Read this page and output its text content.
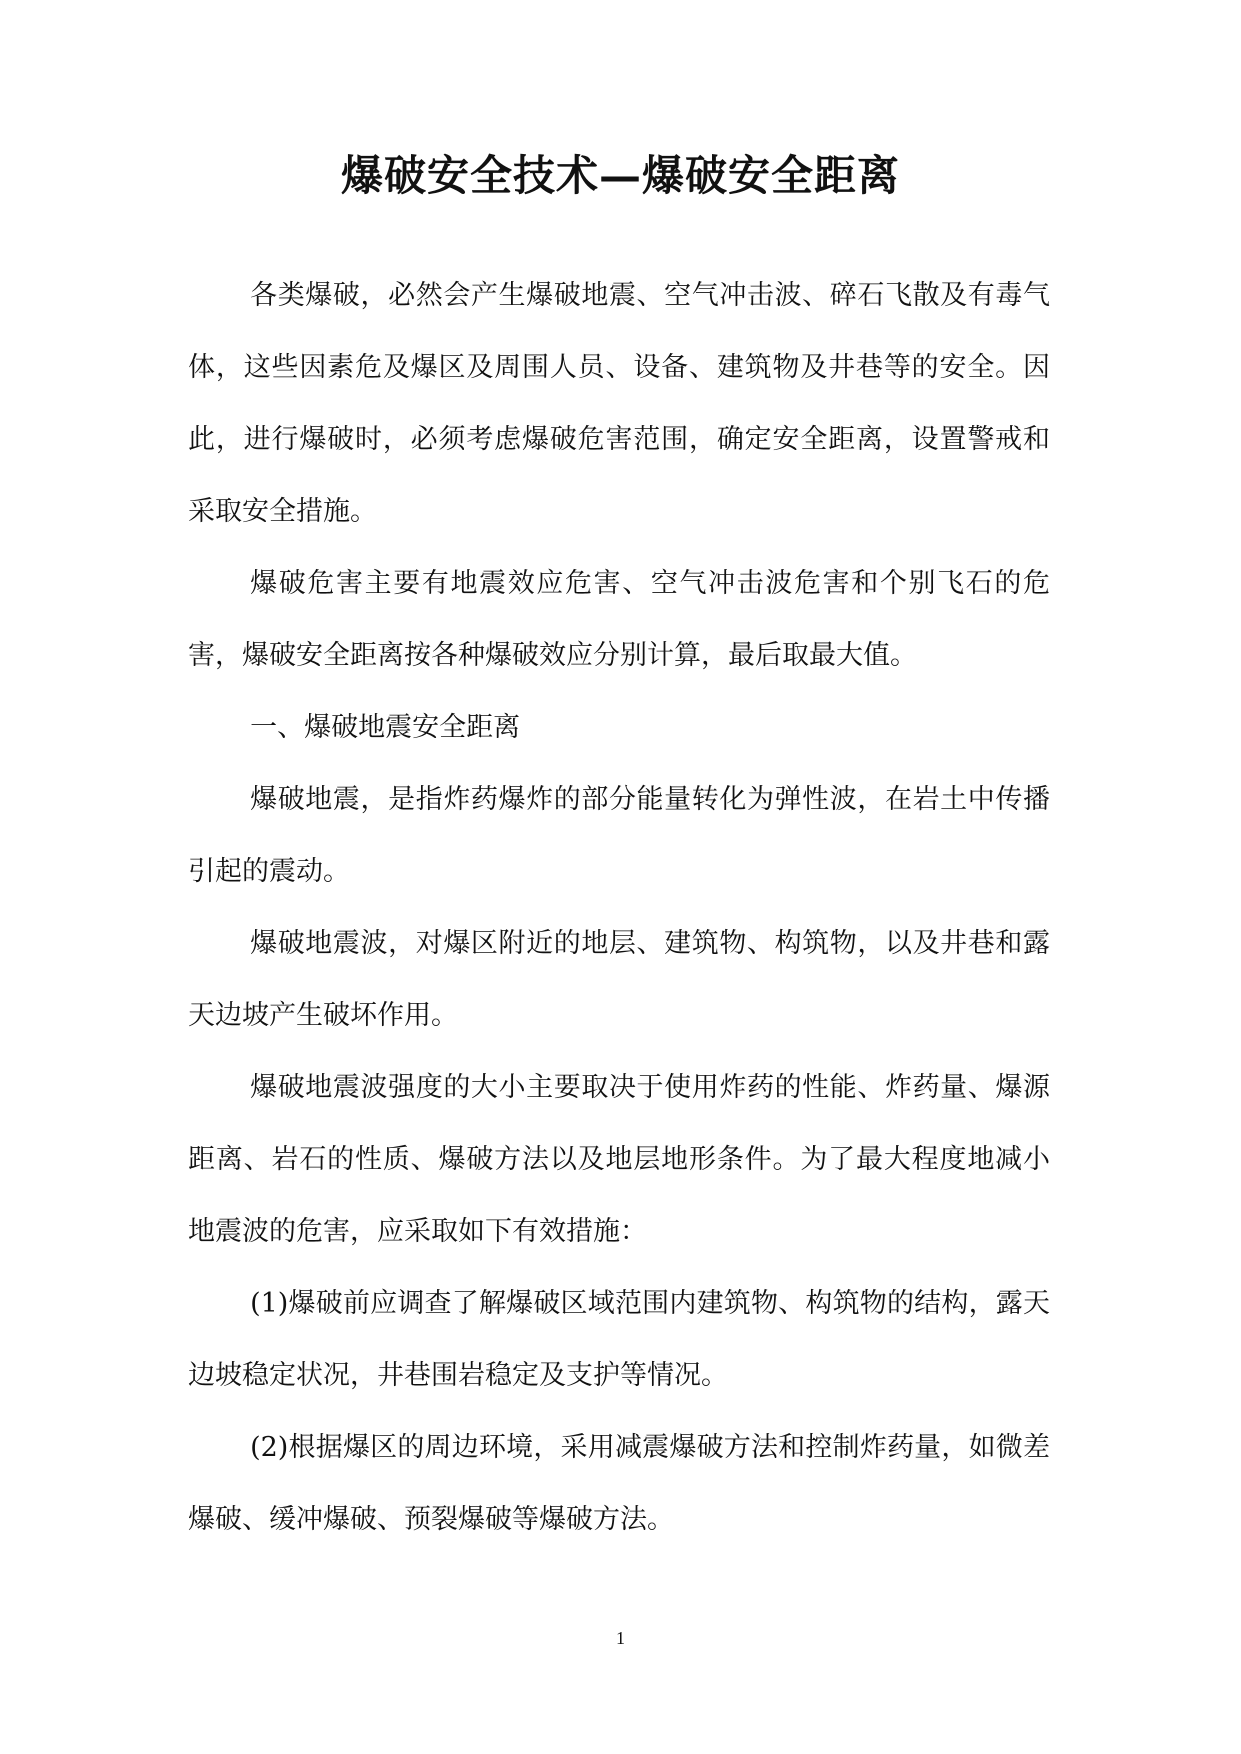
爆破安全技术—爆破安全距离

各类爆破，必然会产生爆破地震、空气冲击波、碎石飞散及有毒气体，这些因素危及爆区及周围人员、设备、建筑物及井巷等的安全。因此，进行爆破时，必须考虑爆破危害范围，确定安全距离，设置警戒和采取安全措施。

爆破危害主要有地震效应危害、空气冲击波危害和个别飞石的危害，爆破安全距离按各种爆破效应分别计算，最后取最大值。

一、爆破地震安全距离

爆破地震，是指炸药爆炸的部分能量转化为弹性波，在岩土中传播引起的震动。

爆破地震波，对爆区附近的地层、建筑物、构筑物，以及井巷和露天边坡产生破坏作用。

爆破地震波强度的大小主要取决于使用炸药的性能、炸药量、爆源距离、岩石的性质、爆破方法以及地层地形条件。为了最大程度地减小地震波的危害，应采取如下有效措施：

(1)爆破前应调查了解爆破区域范围内建筑物、构筑物的结构，露天边坡稳定状况，井巷围岩稳定及支护等情况。

(2)根据爆区的周边环境，采用减震爆破方法和控制炸药量，如微差爆破、缓冲爆破、预裂爆破等爆破方法。

1
